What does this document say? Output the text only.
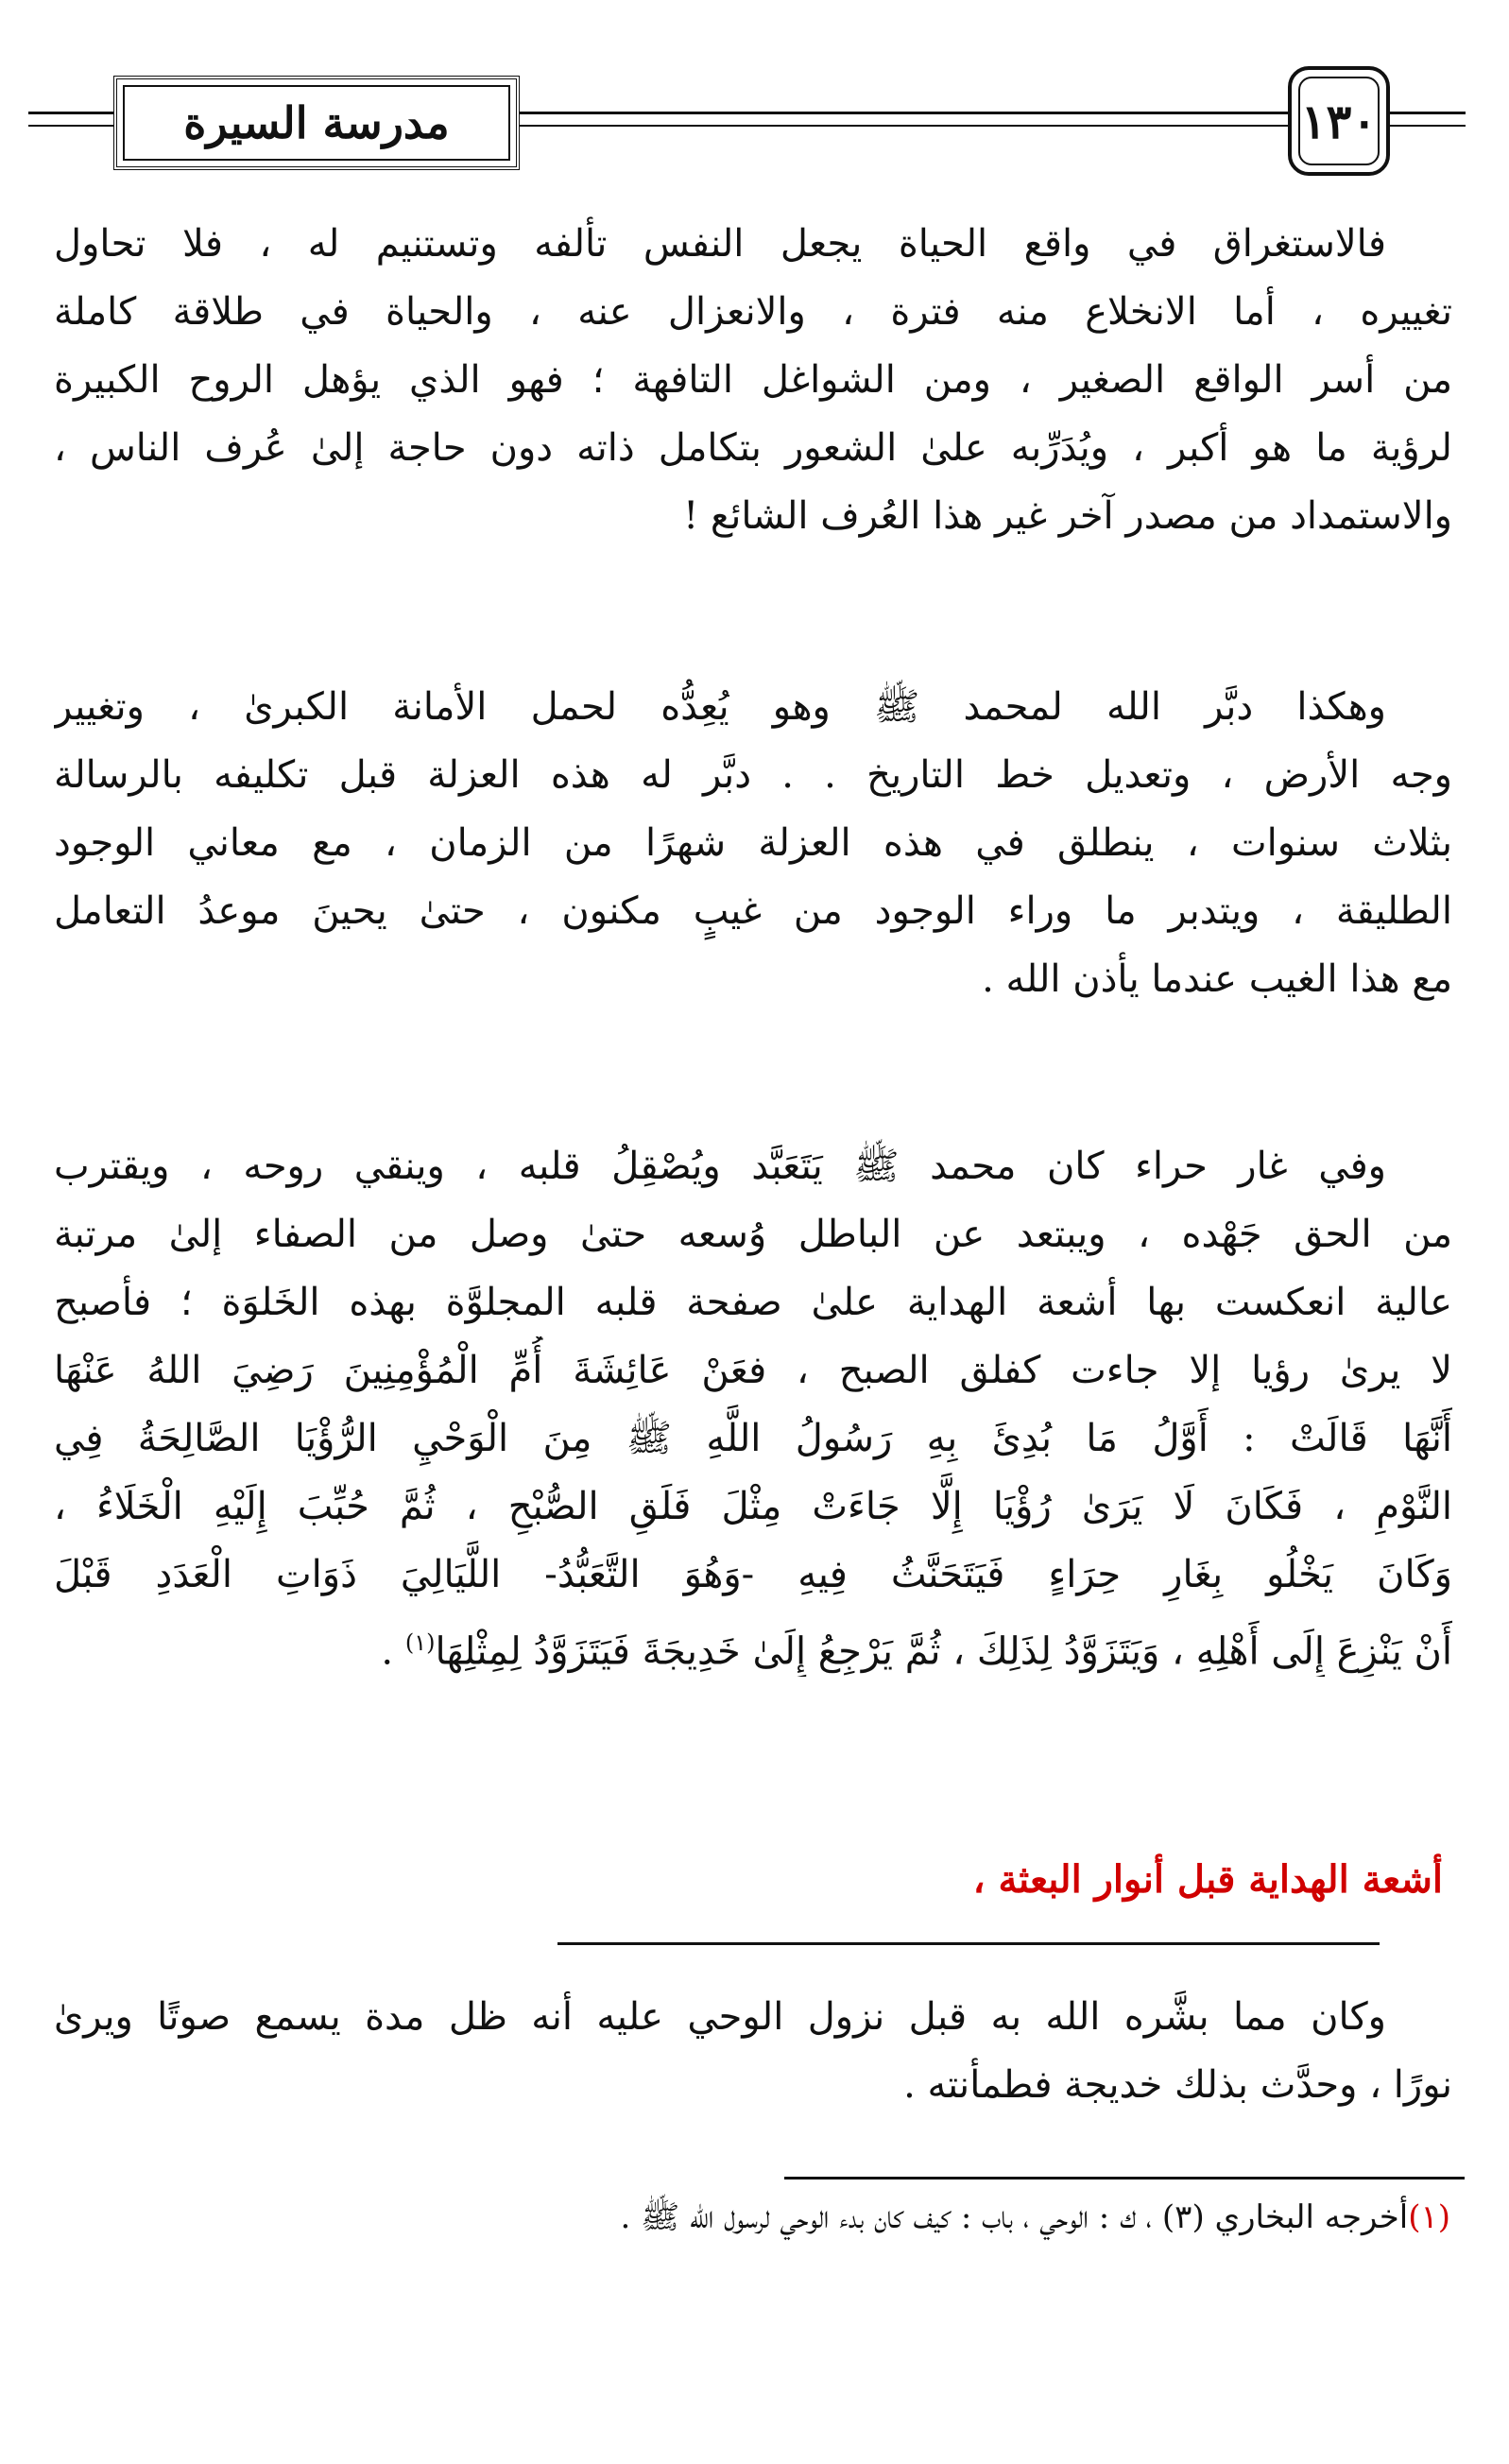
مدرسة السيرة	١٣٠
فالاستغراق في واقع الحياة يجعل النفس تألفه وتستنيم له ، فلا تحاول
تغييره ، أما الانخلاع منه فترة ، والانعزال عنه ، والحياة في طلاقة كاملة
من أسر الواقع الصغير ، ومن الشواغل التافهة ؛ فهو الذي يؤهل الروح الكبيرة
لرؤية ما هو أكبر ، ويُدَرِّبه علىٰ الشعور بتكامل ذاته دون حاجة إلىٰ عُرف الناس ،
والاستمداد من مصدر آخر غير هذا العُرف الشائع !
وهكذا دبَّر الله لمحمد ﷺ وهو يُعِدُّه لحمل الأمانة الكبرىٰ ، وتغيير
وجه الأرض ، وتعديل خط التاريخ . . دبَّر له هذه العزلة قبل تكليفه بالرسالة
بثلاث سنوات ، ينطلق في هذه العزلة شهرًا من الزمان ، مع معاني الوجود
الطليقة ، ويتدبر ما وراء الوجود من غيبٍ مكنون ، حتىٰ يحينَ موعدُ التعامل
مع هذا الغيب عندما يأذن الله .
وفي غار حراء كان محمد ﷺ يَتَعَبَّد ويُصْقِلُ قلبه ، وينقي روحه ، ويقترب
من الحق جَهْده ، ويبتعد عن الباطل وُسعه حتىٰ وصل من الصفاء إلىٰ مرتبة
عالية انعكست بها أشعة الهداية علىٰ صفحة قلبه المجلوَّة بهذه الخَلوَة ؛ فأصبح
لا يرىٰ رؤيا إلا جاءت كفلق الصبح ، فعَنْ عَائِشَةَ أُمِّ الْمُؤْمِنِينَ رَضِيَ اللهُ عَنْهَا
أَنَّهَا قَالَتْ : أَوَّلُ مَا بُدِئَ بِهِ رَسُولُ اللَّهِ ﷺ مِنَ الْوَحْيِ الرُّؤْيَا الصَّالِحَةُ فِي
النَّوْمِ ، فَكَانَ لَا يَرَىٰ رُؤْيَا إِلَّا جَاءَتْ مِثْلَ فَلَقِ الصُّبْحِ ، ثُمَّ حُبِّبَ إِلَيْهِ الْخَلَاءُ ،
وَكَانَ يَخْلُو بِغَارِ حِرَاءٍ فَيَتَحَنَّثُ فِيهِ -وَهُوَ التَّعَبُّدُ- اللَّيَالِيَ ذَوَاتِ الْعَدَدِ قَبْلَ
أَنْ يَنْزِعَ إِلَى أَهْلِهِ ، وَيَتَزَوَّدُ لِذَلِكَ ، ثُمَّ يَرْجِعُ إِلَىٰ خَدِيجَةَ فَيَتَزَوَّدُ لِمِثْلِهَا$^{(١)}$ .
أشعة الهداية قبل أنوار البعثة ،
وكان مما بشَّره الله به قبل نزول الوحي عليه أنه ظل مدة يسمع صوتًا ويرىٰ
نورًا ، وحدَّث بذلك خديجة فطمأنته .
(١)أخرجه البخاري (٣) ، ك : الوحي ، باب : كيف كان بدء الوحي لرسول الله ﷺ .
